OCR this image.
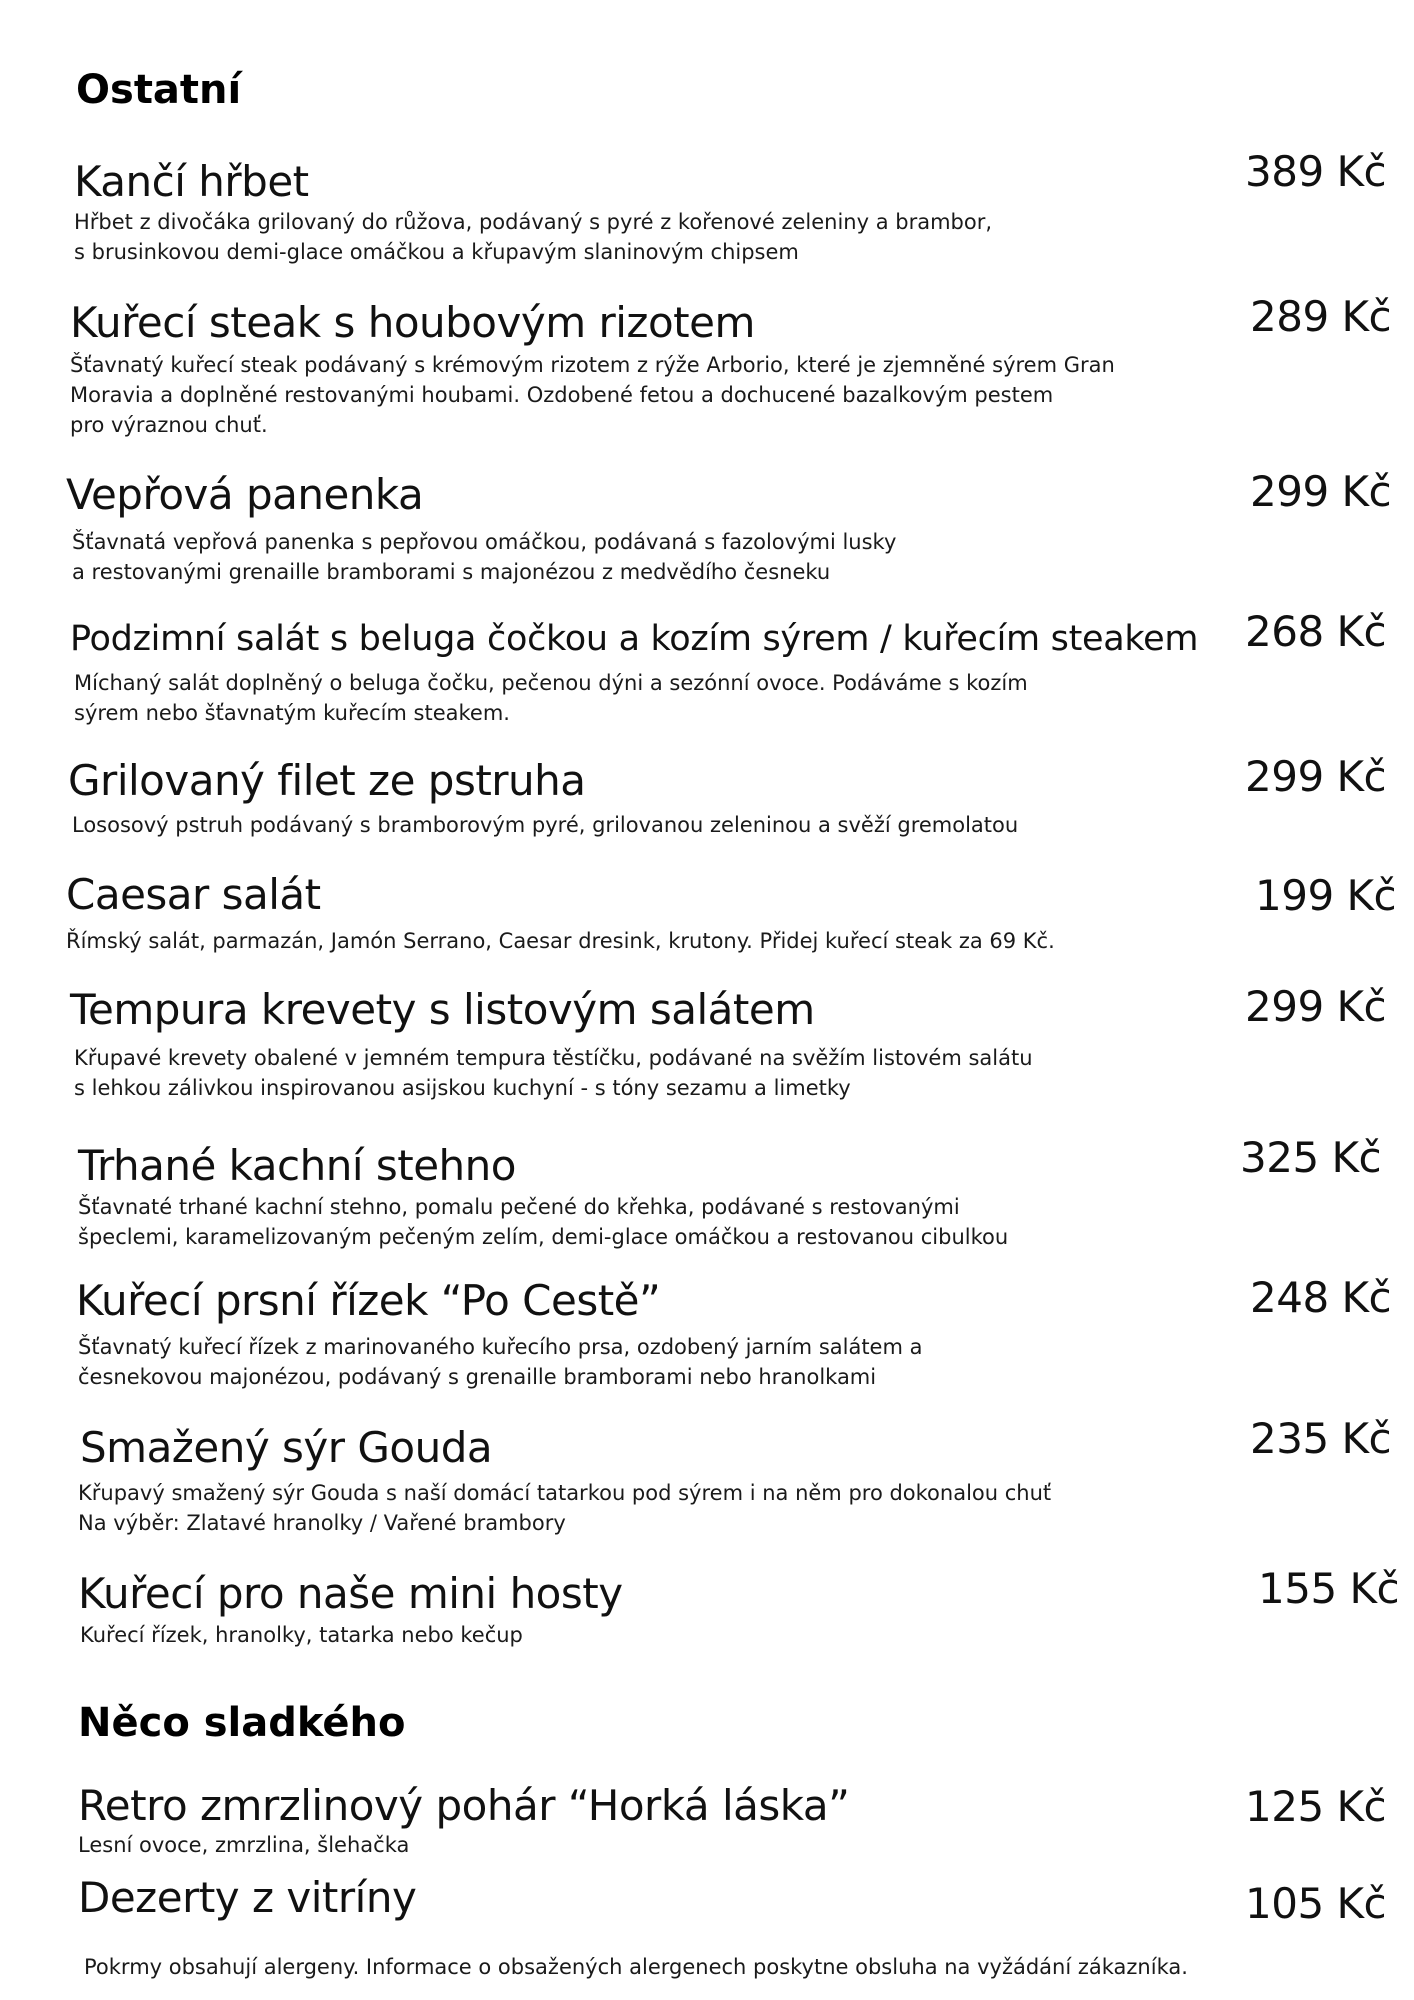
Ostatní
Kančí hřbet	389 Kč

Hřbet z divočáka grilovaný do růžova, podávaný s pyré z kořenové zeleniny a brambor,
s brusinkovou demi-glace omáčkou a křupavým slaninovým chipsem

Kuřecí steak s houbovým rizotem	289 Kč

Šťavnatý kuřecí steak podávaný s krémovým rizotem z rýže Arborio, které je zjemněné sýrem Gran
Moravia a doplněné restovanými houbami. Ozdobené fetou a dochucené bazalkovým pestem
pro výraznou chuť.

Vepřová panenka	299 Kč

Šťavnatá vepřová panenka s pepřovou omáčkou, podávaná s fazolovými lusky
a restovanými grenaille bramborami s majonézou z medvědího česneku

Podzimní salát s beluga čočkou a kozím sýrem / kuřecím steakem 268 Kč

Míchaný salát doplněný o beluga čočku, pečenou dýni a sezónní ovoce. Podáváme s kozím
sýrem nebo šťavnatým kuřecím steakem.

Grilovaný filet ze pstruha	299 Kč

Lososový pstruh podávaný s bramborovým pyré, grilovanou zeleninou a svěží gremolatou

Caesar salát	199 Kč

Římský salát, parmazán, Jamón Serrano, Caesar dresink, krutony. Přidej kuřecí steak za 69 Kč.

Tempura krevety s listovým salátem	299 Kč

Křupavé krevety obalené v jemném tempura těstíčku, podávané na svěžím listovém salátu
s lehkou zálivkou inspirovanou asijskou kuchyní - s tóny sezamu a limetky

Trhané kachní stehno	325 Kč

Šťavnaté trhané kachní stehno, pomalu pečené do křehka, podávané s restovanými
špeclemi, karamelizovaným pečeným zelím, demi-glace omáčkou a restovanou cibulkou

Kuřecí prsní řízek “Po Cestě”	248 Kč

Šťavnatý kuřecí řízek z marinovaného kuřecího prsa, ozdobený jarním salátem a
česnekovou majonézou, podávaný s grenaille bramborami nebo hranolkami

Smažený sýr Gouda	235 Kč

Křupavý smažený sýr Gouda s naší domácí tatarkou pod sýrem i na něm pro dokonalou chuť
Na výběr: Zlatavé hranolky / Vařené brambory

Kuřecí pro naše mini hosty	155 Kč

Kuřecí řízek, hranolky, tatarka nebo kečup

Něco sladkého
Retro zmrzlinový pohár “Horká láska”	125 Kč

Lesní ovoce, zmrzlina, šlehačka

Dezerty z vitríny	105 Kč

Pokrmy obsahují alergeny. Informace o obsažených alergenech poskytne obsluha na vyžádání zákazníka.
